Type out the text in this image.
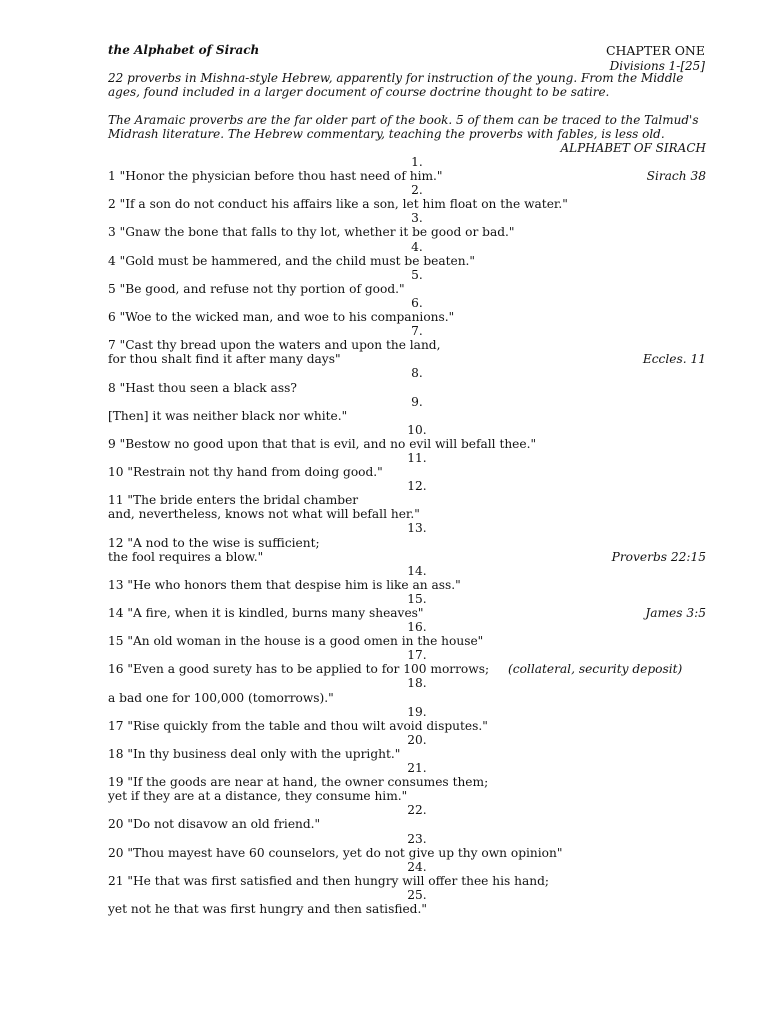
the Alphabet of Sirach	CHAPTER ONE
Divisions 1-[25]

22 proverbs in Mishna-style Hebrew, apparently for instruction of the young. From the Middle

ages, found included in a larger document of course doctrine thought to be satire.

The Aramaic proverbs are the far older part of the book. 5 of them can be traced to the Talmud's

Midrash literature. The Hebrew commentary, teaching the proverbs with fables, is less old.

ALPHABET OF SIRACH

1.
1 "Honor the physician before thou hast need of him."	Sirach 38
2.
2 "If a son do not conduct his affairs like a son, let him float on the water."
3.
3 "Gnaw the bone that falls to thy lot, whether it be good or bad."
4.
4 "Gold must be hammered, and the child must be beaten."
5.
5 "Be good, and refuse not thy portion of good."
6.
6 "Woe to the wicked man, and woe to his companions."
7.
7 "Cast thy bread upon the waters and upon the land,
for thou shalt find it after many days"	Eccles. 11
8.
8 "Hast thou seen a black ass?
9.
[Then] it was neither black nor white."
10.
9 "Bestow no good upon that that is evil, and no evil will befall thee."
11.
10 "Restrain not thy hand from doing good."
12.
11 "The bride enters the bridal chamber
and, nevertheless, knows not what will befall her."
13.
12 "A nod to the wise is sufficient;
the fool requires a blow."	Proverbs 22:15
14.
13 "He who honors them that despise him is like an ass."
15.
14 "A fire, when it is kindled, burns many sheaves"	James 3:5
16.
15 "An old woman in the house is a good omen in the house"
17.
16 "Even a good surety has to be applied to for 100 morrows; (collateral, security deposit)
18.
a bad one for 100,000 (tomorrows)."
19.
17 "Rise quickly from the table and thou wilt avoid disputes."
20.
18 "In thy business deal only with the upright."
21.
19 "If the goods are near at hand, the owner consumes them;
yet if they are at a distance, they consume him."
22.
20 "Do not disavow an old friend."
23.
20 "Thou mayest have 60 counselors, yet do not give up thy own opinion"
24.
21 "He that was first satisfied and then hungry will offer thee his hand;
25.
yet not he that was first hungry and then satisfied."
